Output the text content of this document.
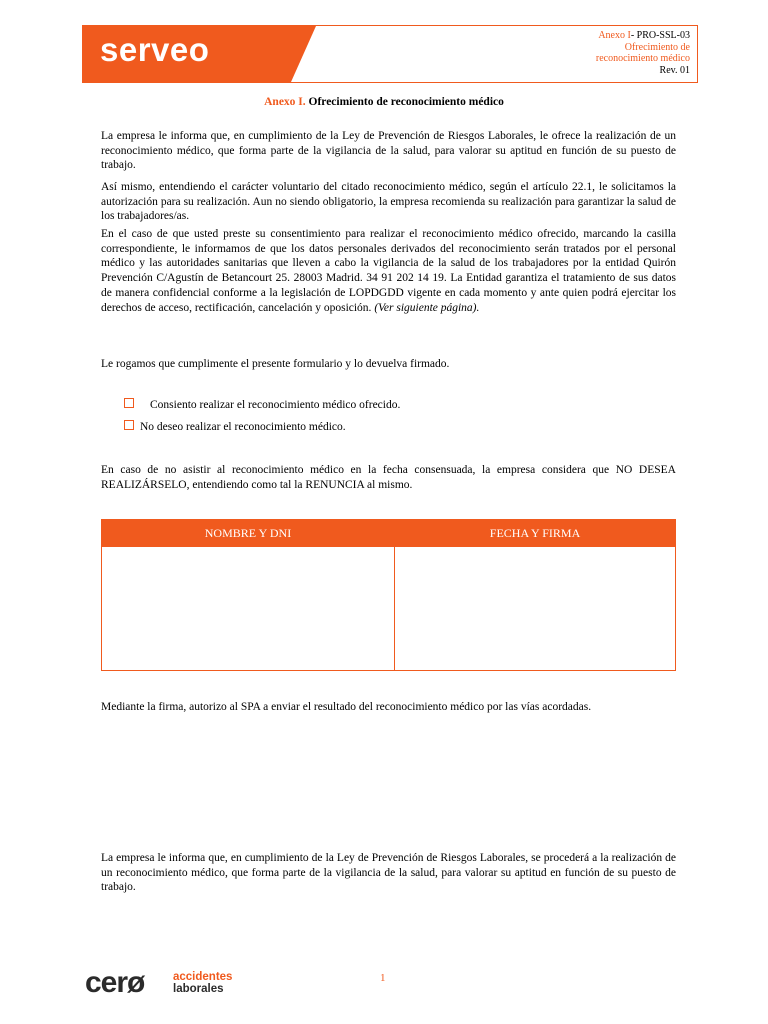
serveo	Anexo I- PRO-SSL-03
Ofrecimiento de
reconocimiento médico
Rev. 01
Anexo I. Ofrecimiento de reconocimiento médico
La empresa le informa que, en cumplimiento de la Ley de Prevención de Riesgos Laborales, le ofrece la realización de un reconocimiento médico, que forma parte de la vigilancia de la salud, para valorar su aptitud en función de su puesto de trabajo.
Así mismo, entendiendo el carácter voluntario del citado reconocimiento médico, según el artículo 22.1, le solicitamos la autorización para su realización. Aun no siendo obligatorio, la empresa recomienda su realización para garantizar la salud de los trabajadores/as.
En el caso de que usted preste su consentimiento para realizar el reconocimiento médico ofrecido, marcando la casilla correspondiente, le informamos de que los datos personales derivados del reconocimiento serán tratados por el personal médico y las autoridades sanitarias que lleven a cabo la vigilancia de la salud de los trabajadores por la entidad Quirón Prevención C/Agustín de Betancourt 25. 28003 Madrid. 34 91 202 14 19. La Entidad garantiza el tratamiento de sus datos de manera confidencial conforme a la legislación de LOPDGDD vigente en cada momento y ante quien podrá ejercitar los derechos de acceso, rectificación, cancelación y oposición. (Ver siguiente página).
Le rogamos que cumplimente el presente formulario y lo devuelva firmado.
Consiento realizar el reconocimiento médico ofrecido.
No deseo realizar el reconocimiento médico.
En caso de no asistir al reconocimiento médico en la fecha consensuada, la empresa considera que NO DESEA REALIZÁRSELO, entendiendo como tal la RENUNCIA al mismo.
NOMBRE Y DNI	FECHA Y FIRMA
Mediante la firma, autorizo al SPA a enviar el resultado del reconocimiento médico por las vías acordadas.
La empresa le informa que, en cumplimiento de la Ley de Prevención de Riesgos Laborales, se procederá a la realización de un reconocimiento médico, que forma parte de la vigilancia de la salud, para valorar su aptitud en función de su puesto de trabajo.
cerø accidentes
laborales
1
